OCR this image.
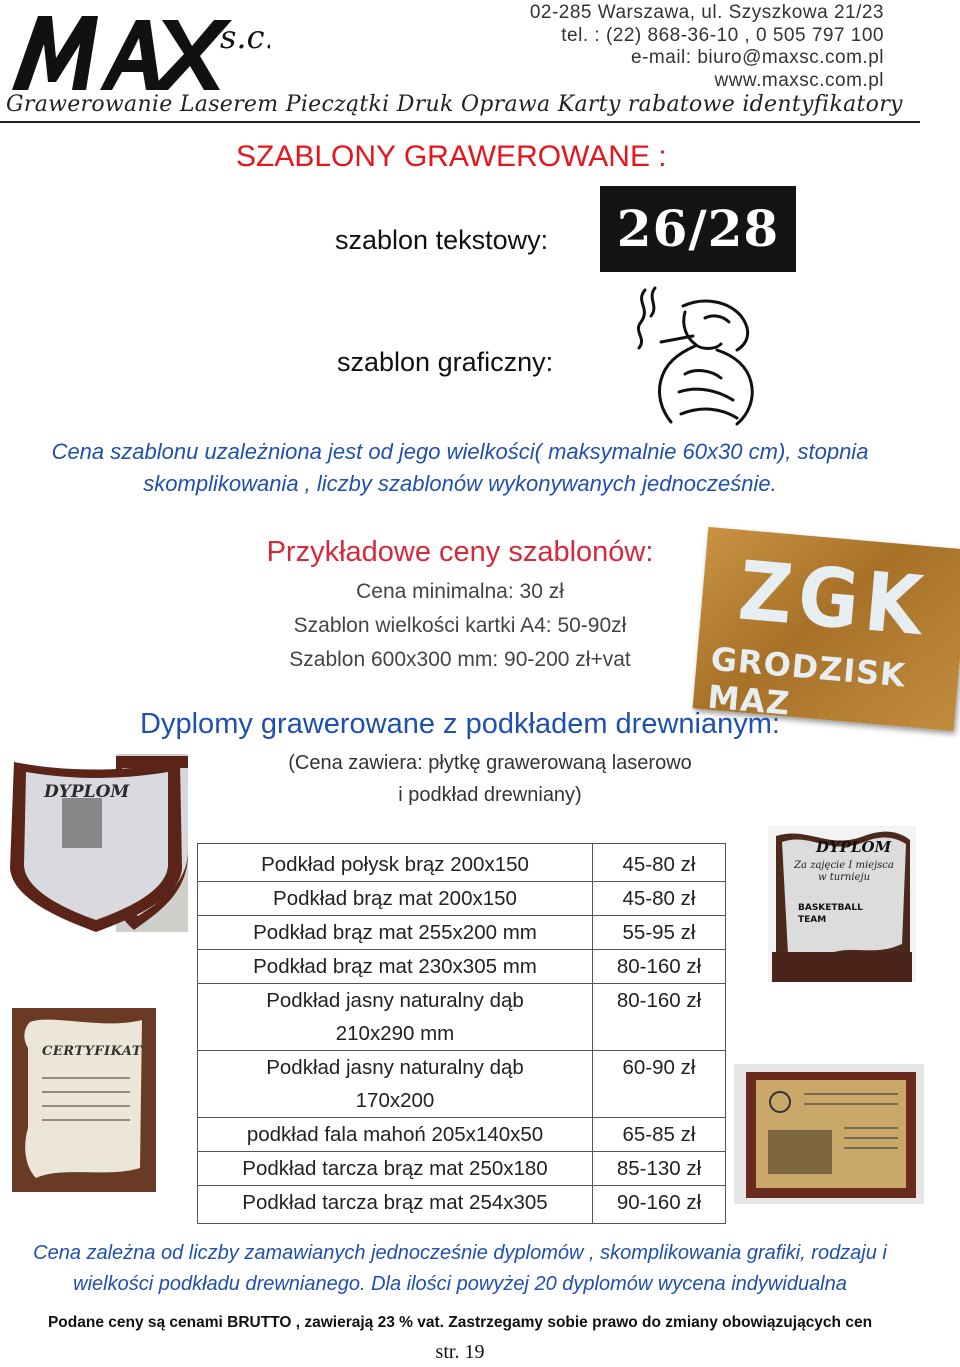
s.c.
02-285 Warszawa, ul. Szyszkowa 21/23
tel. : (22) 868-36-10 , 0 505 797 100
e-mail: biuro@maxsc.com.pl
www.maxsc.com.pl
Grawerowanie Laserem Pieczątki Druk Oprawa Karty rabatowe identyfikatory
SZABLONY GRAWEROWANE :
szablon tekstowy:	26/28
szablon graficzny:
Cena szablonu uzależniona jest od jego wielkości( maksymalnie 60x30 cm), stopnia
skomplikowania , liczby szablonów wykonywanych jednocześnie.
Przykładowe ceny szablonów:
Cena minimalna: 30 zł
Szablon wielkości kartki A4: 50-90zł
Szablon 600x300 mm: 90-200 zł+vat
ZGK
GRODZISK MAZ
Dyplomy grawerowane z podkładem drewnianym:
(Cena zawiera: płytkę grawerowaną laserowo
i podkład drewniany)
DYPLOM
CERTYFIKAT
DYPLOM
Za zajęcie I miejsca w turnieju
BASKETBALL TEAM
Podkład połysk brąz 200x150	45-80 zł

Podkład brąz mat 200x150	45-80 zł

Podkład brąz mat 255x200 mm	55-95 zł

Podkład brąz mat 230x305 mm	80-160 zł

Podkład jasny naturalny dąb
210x290 mm	80-160 zł

Podkład jasny naturalny dąb
170x200	60-90 zł

podkład fala mahoń 205x140x50	65-85 zł

Podkład tarcza brąz mat 250x180	85-130 zł

Podkład tarcza brąz mat 254x305	90-160 zł
Cena zależna od liczby zamawianych jednocześnie dyplomów , skomplikowania grafiki, rodzaju i
wielkości podkładu drewnianego. Dla ilości powyżej 20 dyplomów wycena indywidualna
Podane ceny są cenami BRUTTO , zawierają 23 % vat. Zastrzegamy sobie prawo do zmiany obowiązujących cen
str. 19
